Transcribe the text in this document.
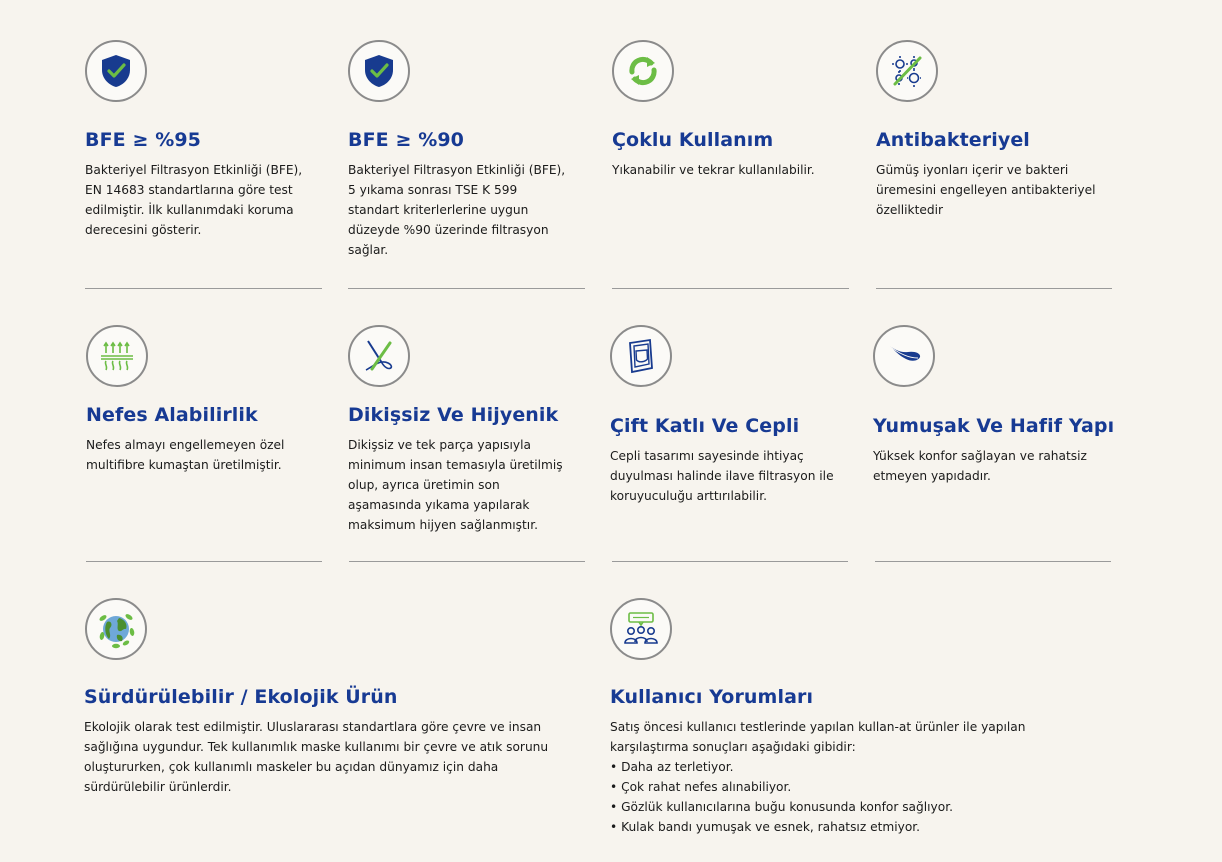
BFE ≥ %95

Bakteriyel Filtrasyon Etkinliği (BFE),
EN 14683 standartlarına göre test
edilmiştir. İlk kullanımdaki koruma
derecesini gösterir.

BFE ≥ %90

Bakteriyel Filtrasyon Etkinliği (BFE),
5 yıkama sonrası TSE K 599
standart kriterlerlerine uygun
düzeyde %90 üzerinde filtrasyon
sağlar.

Çoklu Kullanım

Yıkanabilir ve tekrar kullanılabilir.

Antibakteriyel

Gümüş iyonları içerir ve bakteri
üremesini engelleyen antibakteriyel
özelliktedir

Nefes Alabilirlik

Nefes almayı engellemeyen özel
multifibre kumaştan üretilmiştir.

Dikişsiz Ve Hijyenik

Dikişsiz ve tek parça yapısıyla
minimum insan temasıyla üretilmiş
olup, ayrıca üretimin son
aşamasında yıkama yapılarak
maksimum hijyen sağlanmıştır.

Çift Katlı Ve Cepli

Cepli tasarımı sayesinde ihtiyaç
duyulması halinde ilave filtrasyon ile
koruyuculuğu arttırılabilir.

Yumuşak Ve Hafif Yapı

Yüksek konfor sağlayan ve rahatsiz
etmeyen yapıdadır.

Sürdürülebilir / Ekolojik Ürün

Ekolojik olarak test edilmiştir. Uluslararası standartlara göre çevre ve insan
sağlığına uygundur. Tek kullanımlık maske kullanımı bir çevre ve atık sorunu
oluştururken, çok kullanımlı maskeler bu açıdan dünyamız için daha
sürdürülebilir ürünlerdir.

Kullanıcı Yorumları

Satış öncesi kullanıcı testlerinde yapılan kullan-at ürünler ile yapılan
karşılaştırma sonuçları aşağıdaki gibidir:

• Daha az terletiyor.
• Çok rahat nefes alınabiliyor.
• Gözlük kullanıcılarına buğu konusunda konfor sağlıyor.
• Kulak bandı yumuşak ve esnek, rahatsız etmiyor.
